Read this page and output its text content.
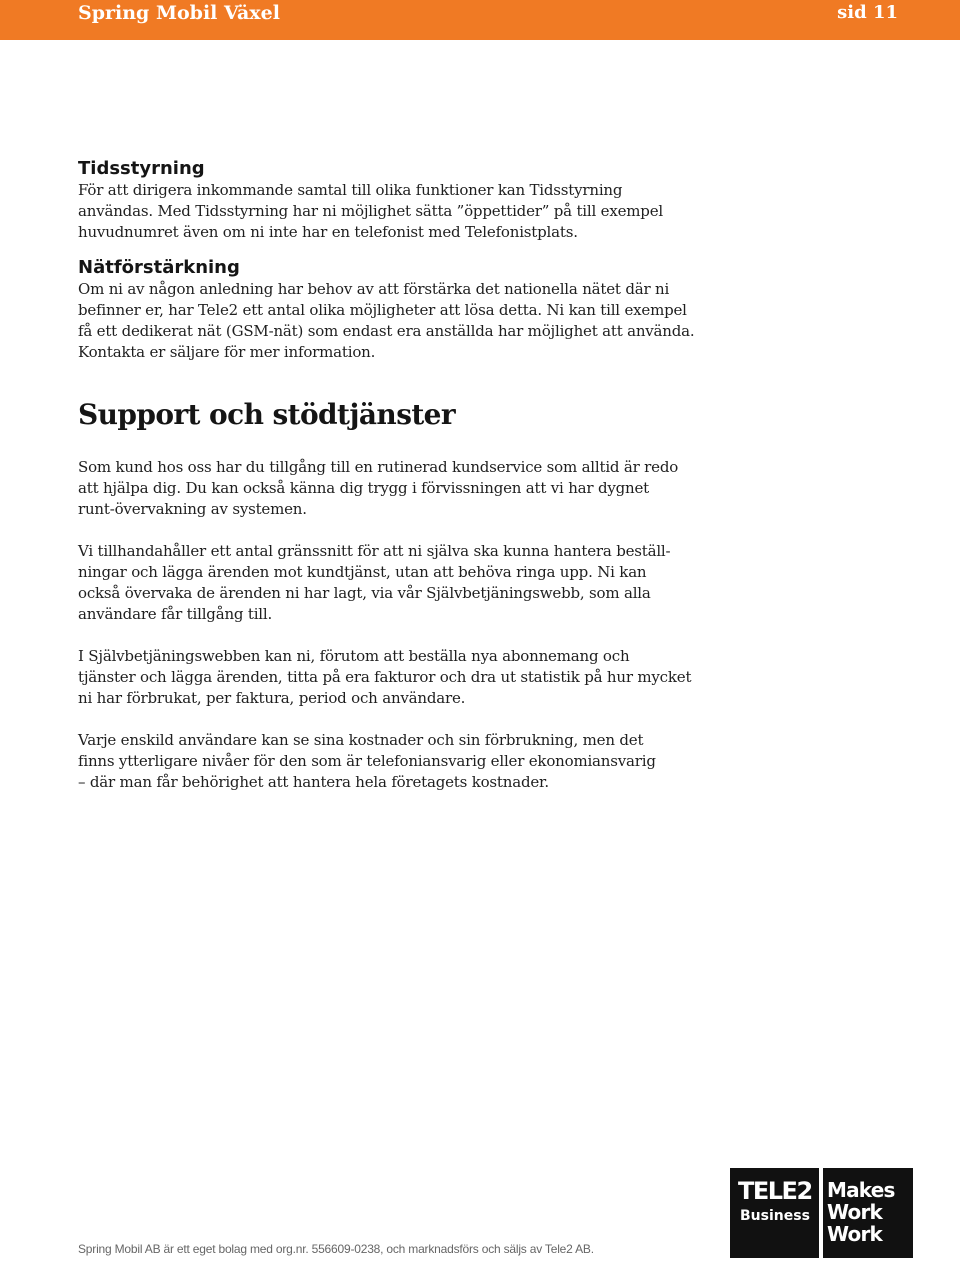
Spring Mobil Växel	sid 11

Tidsstyrning

För att dirigera inkommande samtal till olika funktioner kan Tidsstyrning
användas. Med Tidsstyrning har ni möjlighet sätta ”öppettider” på till exempel
huvudnumret även om ni inte har en telefonist med Telefonistplats.

Nätförstärkning

Om ni av någon anledning har behov av att förstärka det nationella nätet där ni
befinner er, har Tele2 ett antal olika möjligheter att lösa detta. Ni kan till exempel
få ett dedikerat nät (GSM-nät) som endast era anställda har möjlighet att använda.
Kontakta er säljare för mer information.

Support och stödtjänster

Som kund hos oss har du tillgång till en rutinerad kundservice som alltid är redo
att hjälpa dig. Du kan också känna dig trygg i förvissningen att vi har dygnet
runt-övervakning av systemen.

Vi tillhandahåller ett antal gränssnitt för att ni själva ska kunna hantera beställ-
ningar och lägga ärenden mot kundtjänst, utan att behöva ringa upp. Ni kan
också övervaka de ärenden ni har lagt, via vår Självbetjäningswebb, som alla
användare får tillgång till.

I Självbetjäningswebben kan ni, förutom att beställa nya abonnemang och
tjänster och lägga ärenden, titta på era fakturor och dra ut statistik på hur mycket
ni har förbrukat, per faktura, period och användare.

Varje enskild användare kan se sina kostnader och sin förbrukning, men det
finns ytterligare nivåer för den som är telefoniansvarig eller ekonomiansvarig
– där man får behörighet att hantera hela företagets kostnader.

Spring Mobil AB är ett eget bolag med org.nr. 556609-0238, och marknadsförs och säljs av Tele2 AB.
TELE2
Business
Makes
Work
Work
